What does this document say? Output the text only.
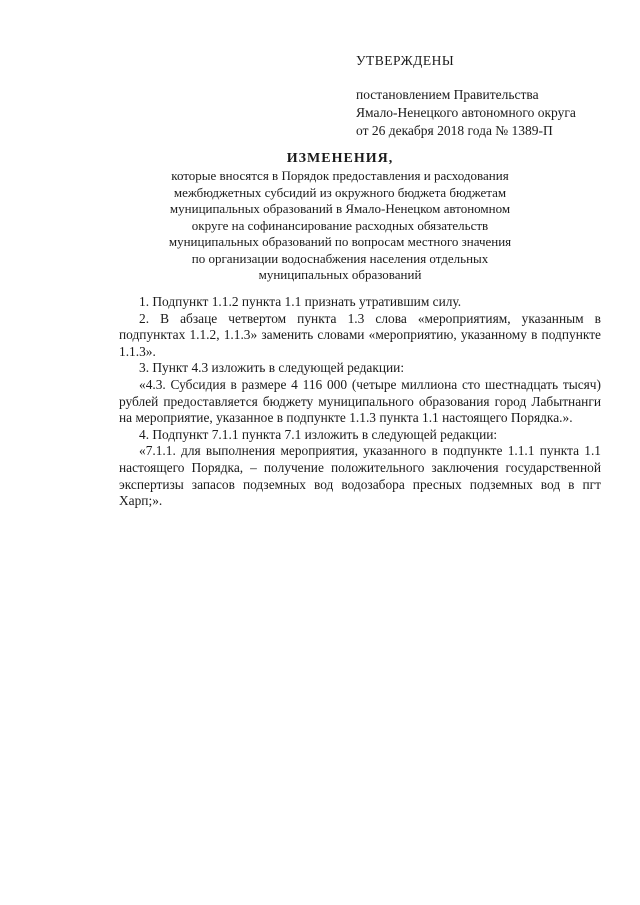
УТВЕРЖДЕНЫ
постановлением Правительства
Ямало-Ненецкого автономного округа
от 26 декабря 2018 года № 1389-П
ИЗМЕНЕНИЯ,
которые вносятся в Порядок предоставления и расходования
межбюджетных субсидий из окружного бюджета бюджетам
муниципальных образований в Ямало-Ненецком автономном
округе на софинансирование расходных обязательств
муниципальных образований по вопросам местного значения
по организации водоснабжения населения отдельных
муниципальных образований

1. Подпункт 1.1.2 пункта 1.1 признать утратившим силу.

2. В абзаце четвертом пункта 1.3 слова «мероприятиям, указанным в подпунктах 1.1.2, 1.1.3» заменить словами «мероприятию, указанному в подпункте 1.1.3».

3. Пункт 4.3 изложить в следующей редакции:

«4.3. Субсидия в размере 4 116 000 (четыре миллиона сто шестнадцать тысяч) рублей предоставляется бюджету муниципального образования город Лабытнанги на мероприятие, указанное в подпункте 1.1.3 пункта 1.1 настоящего Порядка.».

4. Подпункт 7.1.1 пункта 7.1 изложить в следующей редакции:

«7.1.1. для выполнения мероприятия, указанного в подпункте 1.1.1 пункта 1.1 настоящего Порядка, – получение положительного заключения государственной экспертизы запасов подземных вод водозабора пресных подземных вод в пгт Харп;».
